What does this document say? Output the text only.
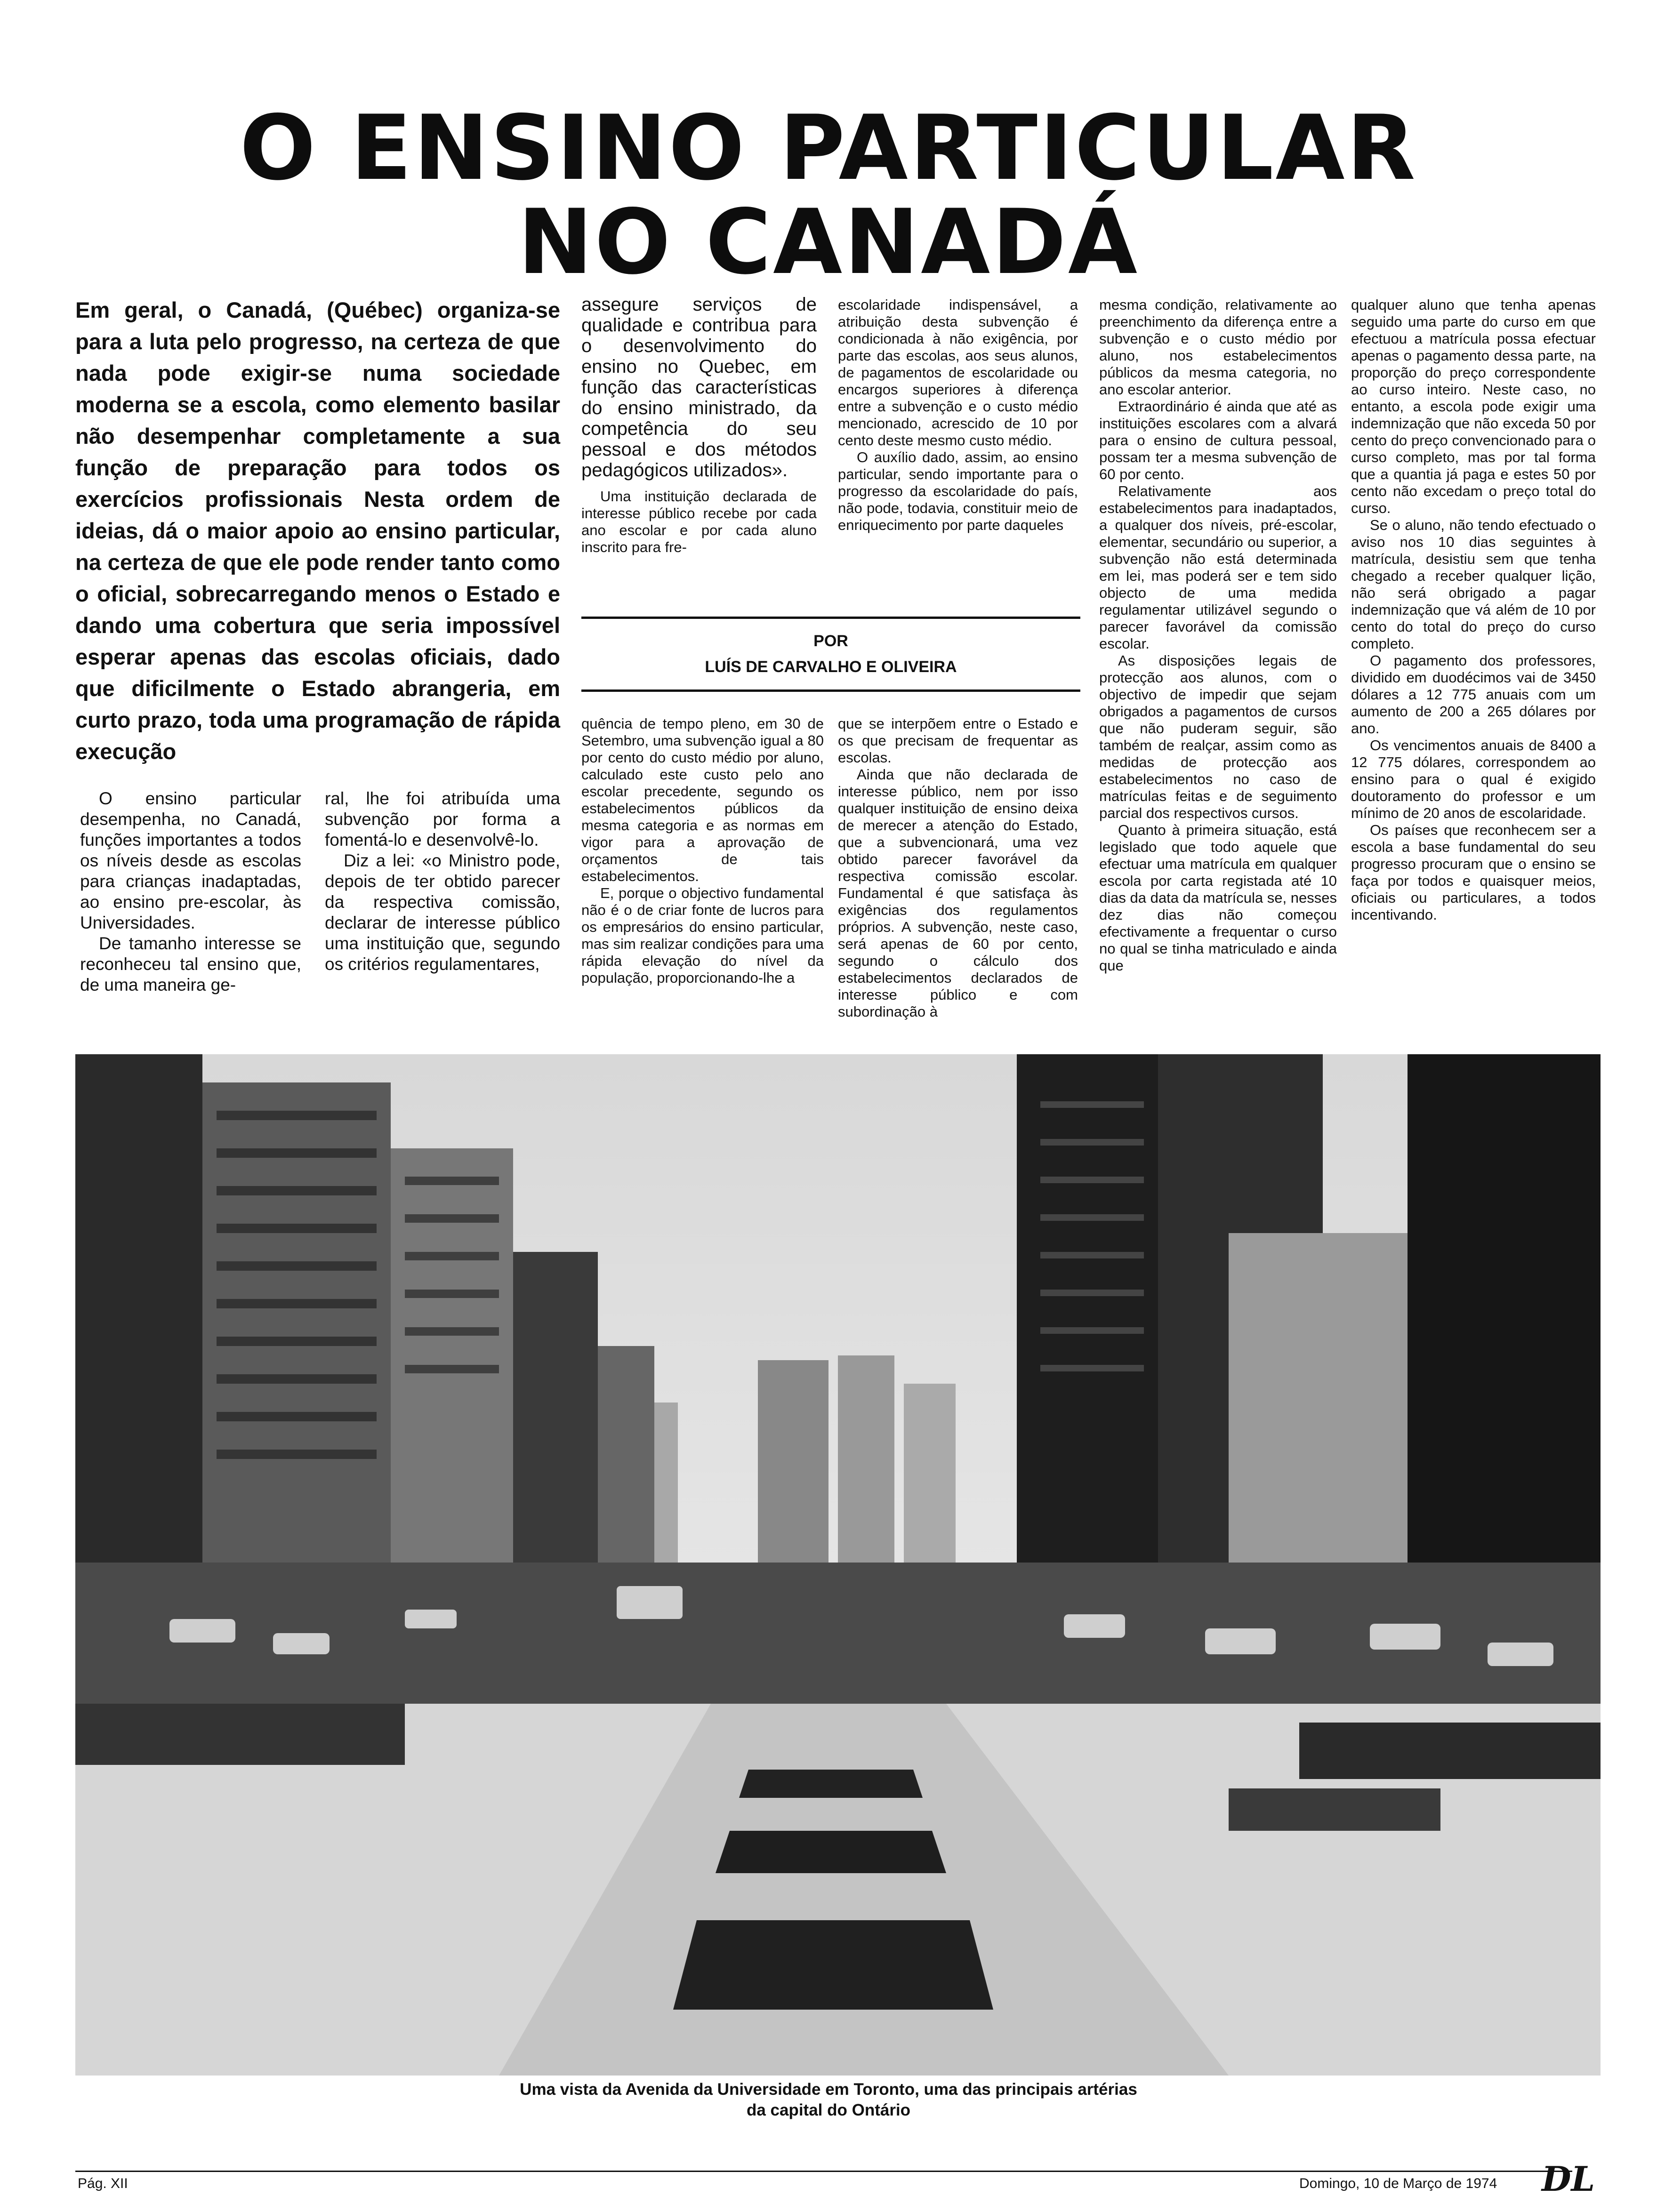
O ENSINO PARTICULAR
NO CANADÁ
Em geral, o Canadá, (Québec) organiza-se para a luta pelo progresso, na certeza de que nada pode exigir-se numa sociedade moderna se a escola, como elemento basilar não desempenhar completamente a sua função de preparação para todos os exercícios profissionais Nesta ordem de ideias, dá o maior apoio ao ensino particular, na certeza de que ele pode render tanto como o oficial, sobrecarregando menos o Estado e dando uma cobertura que seria impossível esperar apenas das escolas oficiais, dado que dificilmente o Estado abrangeria, em curto prazo, toda uma programação de rápida execução

O ensino particular desempenha, no Canadá, funções importantes a todos os níveis desde as escolas para crianças inadaptadas, ao ensino pre-escolar, às Universidades.

De tamanho interesse se reconheceu tal ensino que, de uma maneira ge-

ral, lhe foi atribuída uma subvenção por forma a fomentá-lo e desenvolvê-lo.

Diz a lei: «o Ministro pode, depois de ter obtido parecer da respectiva comissão, declarar de interesse público uma instituição que, segundo os critérios regulamentares,

assegure serviços de qualidade e contribua para o desenvolvimento do ensino no Quebec, em função das características do ensino ministrado, da competência do seu pessoal e dos métodos pedagógicos utilizados».

Uma instituição declarada de interesse público recebe por cada ano escolar e por cada aluno inscrito para fre-

escolaridade indispensável, a atribuição desta subvenção é condicionada à não exigência, por parte das escolas, aos seus alunos, de pagamentos de escolaridade ou encargos superiores à diferença entre a subvenção e o custo médio mencionado, acrescido de 10 por cento deste mesmo custo médio.

O auxílio dado, assim, ao ensino particular, sendo importante para o progresso da escolaridade do país, não pode, todavia, constituir meio de enriquecimento por parte daqueles

POR
LUÍS DE CARVALHO E OLIVEIRA

quência de tempo pleno, em 30 de Setembro, uma subvenção igual a 80 por cento do custo médio por aluno, calculado este custo pelo ano escolar precedente, segundo os estabelecimentos públicos da mesma categoria e as normas em vigor para a aprovação de orçamentos de tais estabelecimentos.

E, porque o objectivo fundamental não é o de criar fonte de lucros para os empresários do ensino particular, mas sim realizar condições para uma rápida elevação do nível da população, proporcionando-lhe a

que se interpõem entre o Estado e os que precisam de frequentar as escolas.

Ainda que não declarada de interesse público, nem por isso qualquer instituição de ensino deixa de merecer a atenção do Estado, que a subvencionará, uma vez obtido parecer favorável da respectiva comissão escolar. Fundamental é que satisfaça às exigências dos regulamentos próprios. A subvenção, neste caso, será apenas de 60 por cento, segundo o cálculo dos estabelecimentos declarados de interesse público e com subordinação à

mesma condição, relativamente ao preenchimento da diferença entre a subvenção e o custo médio por aluno, nos estabelecimentos públicos da mesma categoria, no ano escolar anterior.

Extraordinário é ainda que até as instituições escolares com a alvará para o ensino de cultura pessoal, possam ter a mesma subvenção de 60 por cento.

Relativamente aos estabelecimentos para inadaptados, a qualquer dos níveis, pré-escolar, elementar, secundário ou superior, a subvenção não está determinada em lei, mas poderá ser e tem sido objecto de uma medida regulamentar utilizável segundo o parecer favorável da comissão escolar.

As disposições legais de protecção aos alunos, com o objectivo de impedir que sejam obrigados a pagamentos de cursos que não puderam seguir, são também de realçar, assim como as medidas de protecção aos estabelecimentos no caso de matrículas feitas e de seguimento parcial dos respectivos cursos.

Quanto à primeira situação, está legislado que todo aquele que efectuar uma matrícula em qualquer escola por carta registada até 10 dias da data da matrícula se, nesses dez dias não começou efectivamente a frequentar o curso no qual se tinha matriculado e ainda que

qualquer aluno que tenha apenas seguido uma parte do curso em que efectuou a matrícula possa efectuar apenas o pagamento dessa parte, na proporção do preço correspondente ao curso inteiro. Neste caso, no entanto, a escola pode exigir uma indemnização que não exceda 50 por cento do preço convencionado para o curso completo, mas por tal forma que a quantia já paga e estes 50 por cento não excedam o preço total do curso.

Se o aluno, não tendo efectuado o aviso nos 10 dias seguintes à matrícula, desistiu sem que tenha chegado a receber qualquer lição, não será obrigado a pagar indemnização que vá além de 10 por cento do total do preço do curso completo.

O pagamento dos professores, dividido em duodécimos vai de 3450 dólares a 12 775 anuais com um aumento de 200 a 265 dólares por ano.

Os vencimentos anuais de 8400 a 12 775 dólares, correspondem ao ensino para o qual é exigido doutoramento do professor e um mínimo de 20 anos de escolaridade.

Os países que reconhecem ser a escola a base fundamental do seu progresso procuram que o ensino se faça por todos e quaisquer meios, oficiais ou particulares, a todos incentivando.

Uma vista da Avenida da Universidade em Toronto, uma das principais artérias
da capital do Ontário
Pág. XII	Domingo, 10 de Março de 1974 DL
